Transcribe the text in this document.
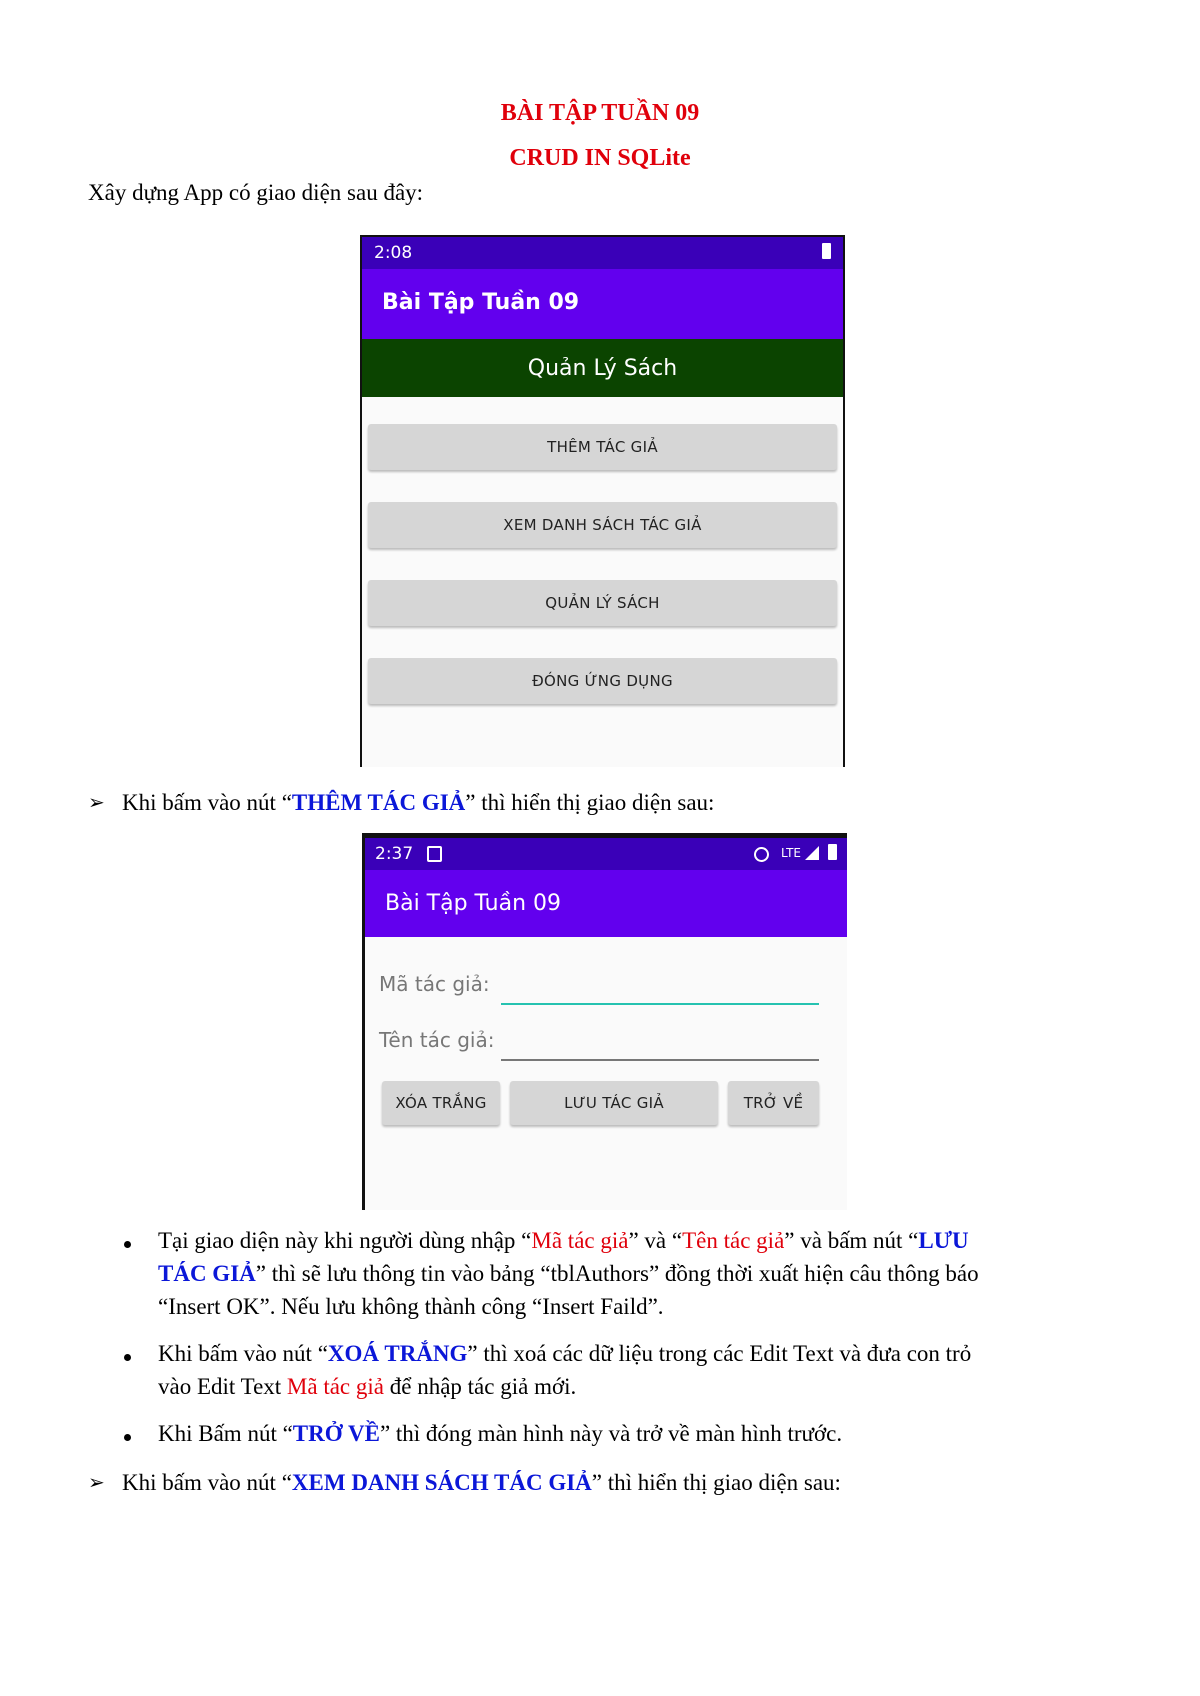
BÀI TẬP TUẦN 09
CRUD IN SQLite
Xây dựng App có giao diện sau đây:
2:08
Bài Tập Tuần 09
Quản Lý Sách
THÊM TÁC GIẢ
XEM DANH SÁCH TÁC GIẢ
QUẢN LÝ SÁCH
ĐÓNG ỨNG DỤNG
➢ Khi bấm vào nút “THÊM TÁC GIẢ” thì hiển thị giao diện sau:
2:37	LTE
Bài Tập Tuần 09
Mã tác giả:
Tên tác giả:
XÓA TRẮNG	LƯU TÁC GIẢ	TRỞ VỀ
Tại giao diện này khi người dùng nhập “Mã tác giả” và “Tên tác giả” và bấm nút “LƯU
TÁC GIẢ” thì sẽ lưu thông tin vào bảng “tblAuthors” đồng thời xuất hiện câu thông báo
“Insert OK”. Nếu lưu không thành công “Insert Faild”.
Khi bấm vào nút “XOÁ TRẮNG” thì xoá các dữ liệu trong các Edit Text và đưa con trỏ
vào Edit Text Mã tác giả để nhập tác giả mới.
Khi Bấm nút “TRỞ VỀ” thì đóng màn hình này và trở về màn hình trước.
➢ Khi bấm vào nút “XEM DANH SÁCH TÁC GIẢ” thì hiển thị giao diện sau:
